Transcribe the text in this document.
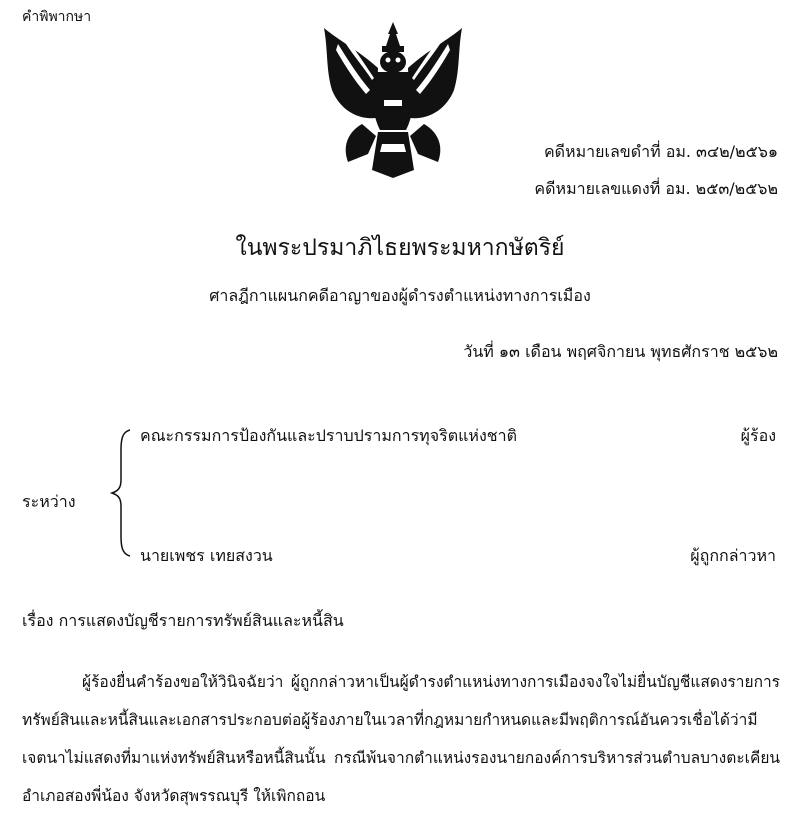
คำพิพากษา
คดีหมายเลขดำที่ อม. ๓๔๒/๒๕๖๑
คดีหมายเลขแดงที่ อม. ๒๕๓/๒๕๖๒
ในพระปรมาภิไธยพระมหากษัตริย์
ศาลฎีกาแผนกคดีอาญาของผู้ดำรงตำแหน่งทางการเมือง
วันที่ ๑๓ เดือน พฤศจิกายน พุทธศักราช ๒๕๖๒
คณะกรรมการป้องกันและปราบปรามการทุจริตแห่งชาติ	ผู้ร้อง
ระหว่าง
นายเพชร เทยสงวน	ผู้ถูกกล่าวหา
เรื่อง การแสดงบัญชีรายการทรัพย์สินและหนี้สิน
ผู้ร้องยื่นคำร้องขอให้วินิจฉัยว่า ผู้ถูกกล่าวหาเป็นผู้ดำรงตำแหน่งทางการเมืองจงใจไม่ยื่นบัญชีแสดงรายการทรัพย์สินและหนี้สินและเอกสารประกอบต่อผู้ร้องภายในเวลาที่กฎหมายกำหนดและมีพฤติการณ์อันควรเชื่อได้ว่ามีเจตนาไม่แสดงที่มาแห่งทรัพย์สินหรือหนี้สินนั้น กรณีพ้นจากตำแหน่งรองนายกองค์การบริหารส่วนตำบลบางตะเคียน อำเภอสองพี่น้อง จังหวัดสุพรรณบุรี ให้เพิกถอน
